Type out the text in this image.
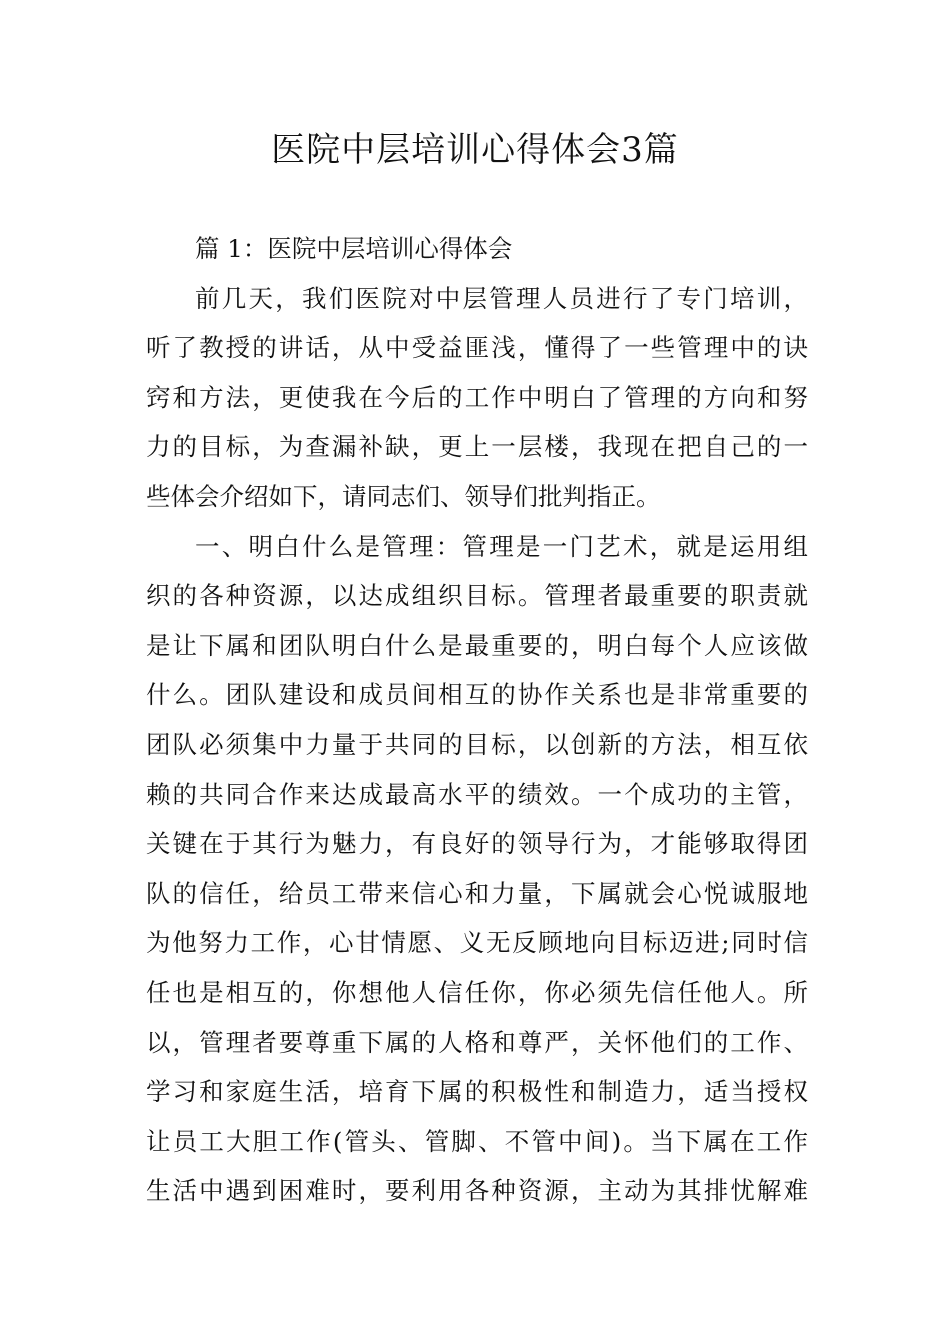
医院中层培训心得体会3篇
篇 1：医院中层培训心得体会
前几天，我们医院对中层管理人员进行了专门培训，
听了教授的讲话，从中受益匪浅，懂得了一些管理中的诀
窍和方法，更使我在今后的工作中明白了管理的方向和努
力的目标，为查漏补缺，更上一层楼，我现在把自己的一
些体会介绍如下，请同志们、领导们批判指正。
一、明白什么是管理：管理是一门艺术，就是运用组
织的各种资源，以达成组织目标。管理者最重要的职责就
是让下属和团队明白什么是最重要的，明白每个人应该做
什么。团队建设和成员间相互的协作关系也是非常重要的
团队必须集中力量于共同的目标，以创新的方法，相互依
赖的共同合作来达成最高水平的绩效。一个成功的主管，
关键在于其行为魅力，有良好的领导行为，才能够取得团
队的信任，给员工带来信心和力量，下属就会心悦诚服地
为他努力工作，心甘情愿、义无反顾地向目标迈进;同时信
任也是相互的，你想他人信任你，你必须先信任他人。所
以，管理者要尊重下属的人格和尊严，关怀他们的工作、
学习和家庭生活，培育下属的积极性和制造力，适当授权
让员工大胆工作(管头、管脚、不管中间)。当下属在工作
生活中遇到困难时，要利用各种资源，主动为其排忧解难
